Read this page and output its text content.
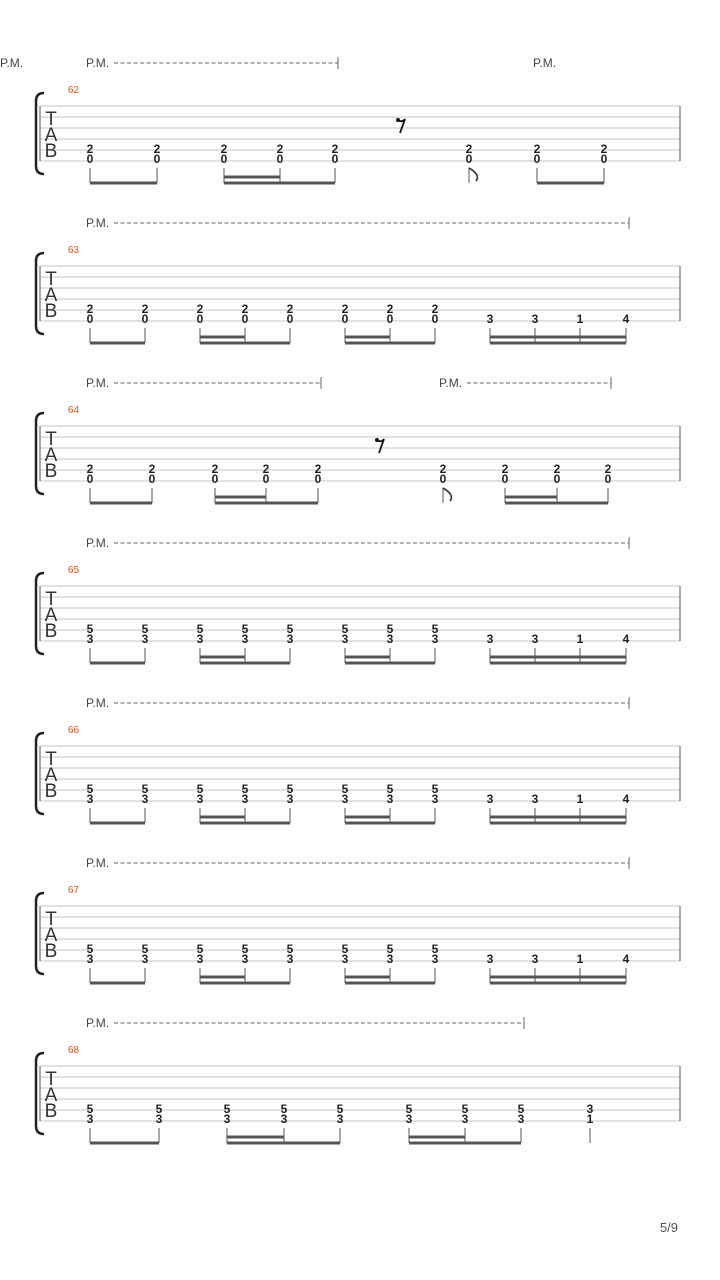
T
A
B
62
P.M.	P.M.
P.M.
2
0
2
0
2
0
2
0
2
0
2
0
2
0
2
0
T
A
B
63
P.M.
2
0
2
0
2
0
2
0
2
0
2
0
2
0
2
0	3	3	1	4
T
A
B
64
P.M.	P.M.
2
0
2
0
2
0
2
0
2
0
2
0
2
0
2
0
2
0
T
A
B
65
P.M.
5
3
5
3
5
3
5
3
5
3
5
3
5
3
5
3	3	3	1	4
T
A
B
66
P.M.
5
3
5
3
5
3
5
3
5
3
5
3
5
3
5
3	3	3	1	4
T
A
B
67
P.M.
5
3
5
3
5
3
5
3
5
3
5
3
5
3
5
3	3	3	1	4
T
A
B
68
P.M.
5
3
5
3
5
3
5
3
5
3
5
3
5
3
5
3
3
1
5/9
